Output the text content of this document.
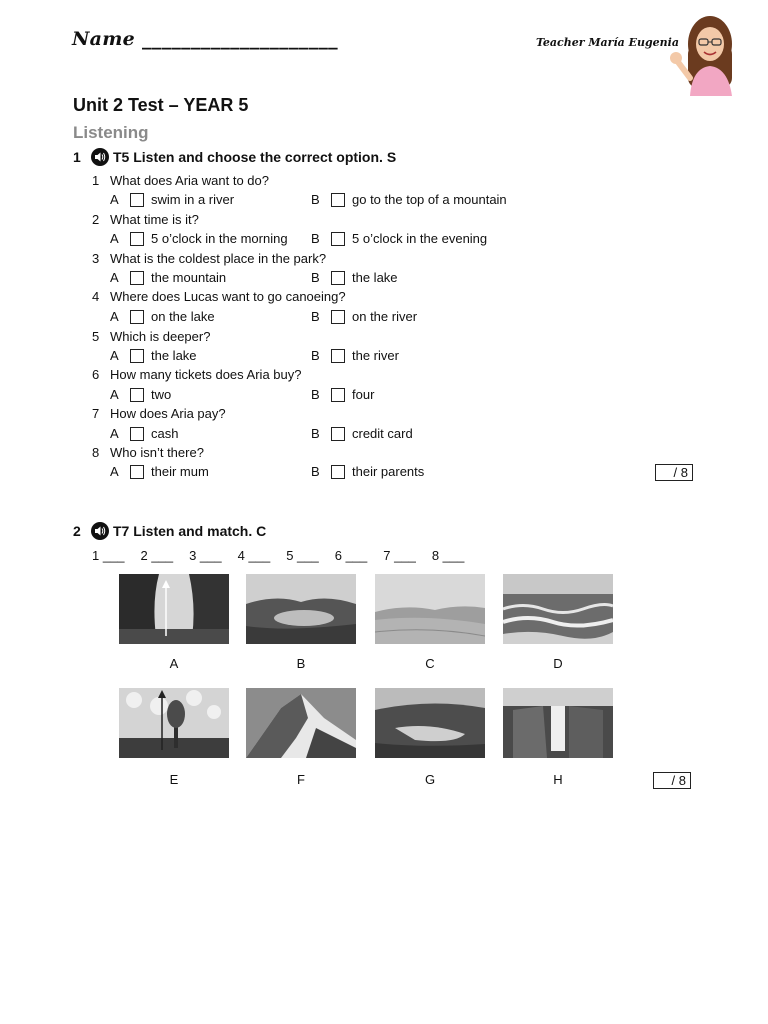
Name ____________________	Teacher María Eugenia
Unit 2 Test – YEAR 5
Listening
1	T5 Listen and choose the correct option. S
1 What does Aria want to do?
A	swim in a river	B	go to the top of a mountain
2 What time is it?
A	5 o’clock in the morning B	5 o’clock in the evening
3 What is the coldest place in the park?
A	the mountain	B	the lake
4 Where does Lucas want to go canoeing?
A	on the lake	B	on the river
5 Which is deeper?
A	the lake	B	the river
6 How many tickets does Aria buy?
A	two	B	four
7 How does Aria pay?
A	cash	B	credit card
8 Who isn’t there?
A	their mum	B	their parents	/ 8
2	T7 Listen and match. C
1 ___ 2 ___ 3 ___ 4 ___ 5 ___ 6 ___ 7 ___ 8 ___
A	B	C	D
E	F	G	H	/ 8
